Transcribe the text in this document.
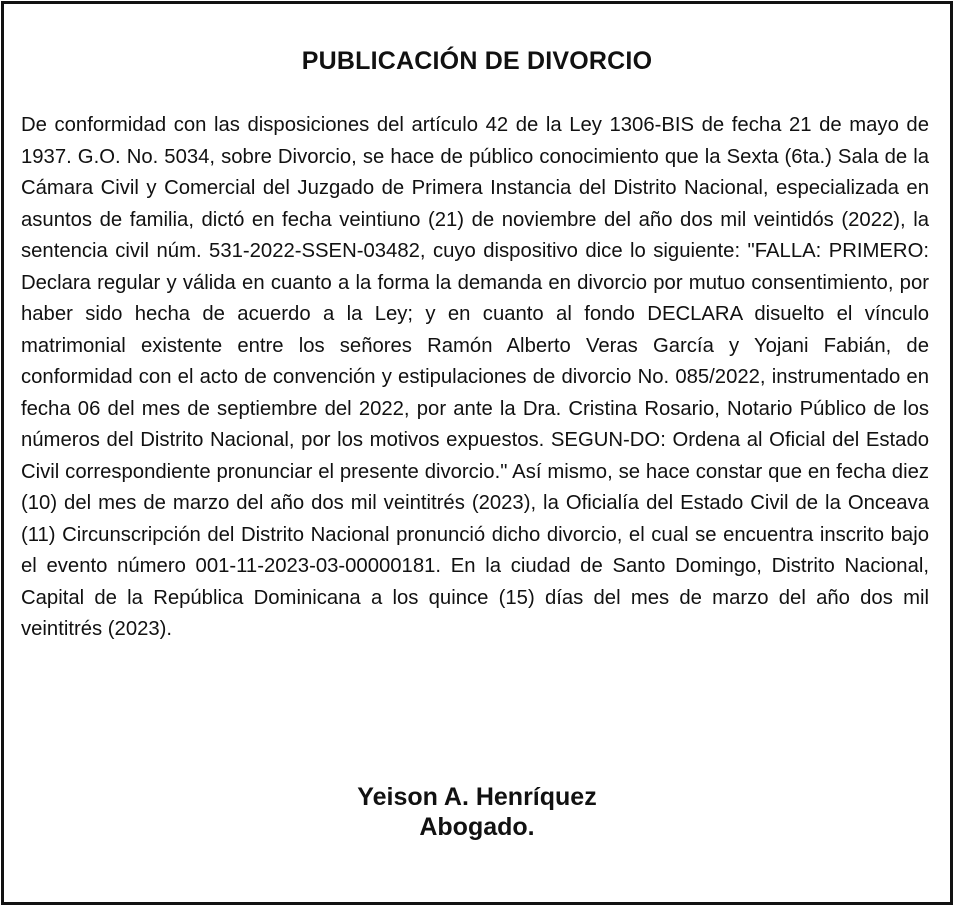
PUBLICACIÓN DE DIVORCIO

De conformidad con las disposiciones del artículo 42 de la Ley 1306-BIS de fecha 21 de mayo de 1937. G.O. No. 5034, sobre Divorcio, se hace de público conocimiento que la Sexta (6ta.) Sala de la Cámara Civil y Comercial del Juzgado de Primera Instancia del Distrito Nacional, especializada en asuntos de familia, dictó en fecha veintiuno (21) de noviembre del año dos mil veintidós (2022), la sentencia civil núm. 531-2022-SSEN-03482, cuyo dispositivo dice lo siguiente: "FALLA: PRIMERO: Declara regular y válida en cuanto a la forma la demanda en divorcio por mutuo consentimiento, por haber sido hecha de acuerdo a la Ley; y en cuanto al fondo DECLARA disuelto el vínculo matrimonial existente entre los señores Ramón Alberto Veras García y Yojani Fabián, de conformidad con el acto de convención y estipulaciones de divorcio No. 085/2022, instrumentado en fecha 06 del mes de septiembre del 2022, por ante la Dra. Cristina Rosario, Notario Público de los números del Distrito Nacional, por los motivos expuestos. SEGUN-DO: Ordena al Oficial del Estado Civil correspondiente pronunciar el presente divorcio." Así mismo, se hace constar que en fecha diez (10) del mes de marzo del año dos mil veintitrés (2023), la Oficialía del Estado Civil de la Onceava (11) Circunscripción del Distrito Nacional pronunció dicho divorcio, el cual se encuentra inscrito bajo el evento número 001-11-2023-03-00000181. En la ciudad de Santo Domingo, Distrito Nacional, Capital de la República Dominicana a los quince (15) días del mes de marzo del año dos mil veintitrés (2023).

Yeison A. Henríquez
Abogado.
